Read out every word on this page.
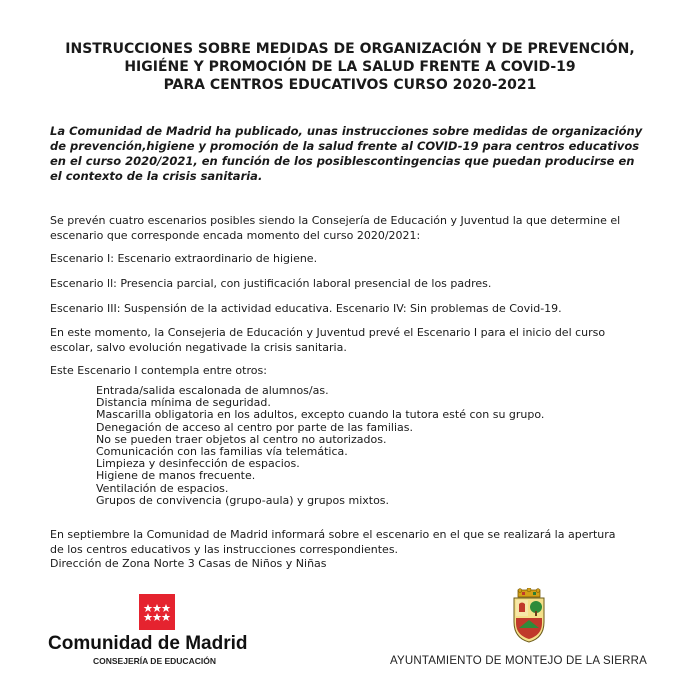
INSTRUCCIONES SOBRE MEDIDAS DE ORGANIZACIÓN Y DE PREVENCIÓN,
HIGIÉNE Y PROMOCIÓN DE LA SALUD FRENTE A COVID-19
PARA CENTROS EDUCATIVOS CURSO 2020-2021
La Comunidad de Madrid ha publicado, unas instrucciones sobre medidas de organizacióny
de prevención,higiene y promoción de la salud frente al COVID-19 para centros educativos
en el curso 2020/2021, en función de los posiblescontingencias que puedan producirse en
el contexto de la crisis sanitaria.
Se prevén cuatro escenarios posibles siendo la Consejería de Educación y Juventud la que determine el
escenario que corresponde encada momento del curso 2020/2021:
Escenario I: Escenario extraordinario de higiene.
Escenario ll: Presencia parcial, con justificación laboral presencial de los padres.
Escenario III: Suspensión de la actividad educativa. Escenario IV: Sin problemas de Covid-19.
En este momento, la Consejeria de Educación y Juventud prevé el Escenario I para el inicio del curso
escolar, salvo evolución negativade la crisis sanitaria.
Este Escenario I contempla entre otros:
Entrada/salida escalonada de alumnos/as.
Distancia mínima de seguridad.
Mascarilla obligatoria en los adultos, excepto cuando la tutora esté con su grupo.
Denegación de acceso al centro por parte de las familias.
No se pueden traer objetos al centro no autorizados.
Comunicación con las familias vía telemática.
Limpieza y desinfección de espacios.
Higiene de manos frecuente.
Ventilación de espacios.
Grupos de convivencia (grupo-aula) y grupos mixtos.
En septiembre la Comunidad de Madrid informará sobre el escenario en el que se realizará la apertura
de los centros educativos y las instrucciones correspondientes.
Dirección de Zona Norte 3 Casas de Niños y Niñas
Comunidad de Madrid
CONSEJERÍA DE EDUCACIÓN	AYUNTAMIENTO DE MONTEJO DE LA SIERRA
